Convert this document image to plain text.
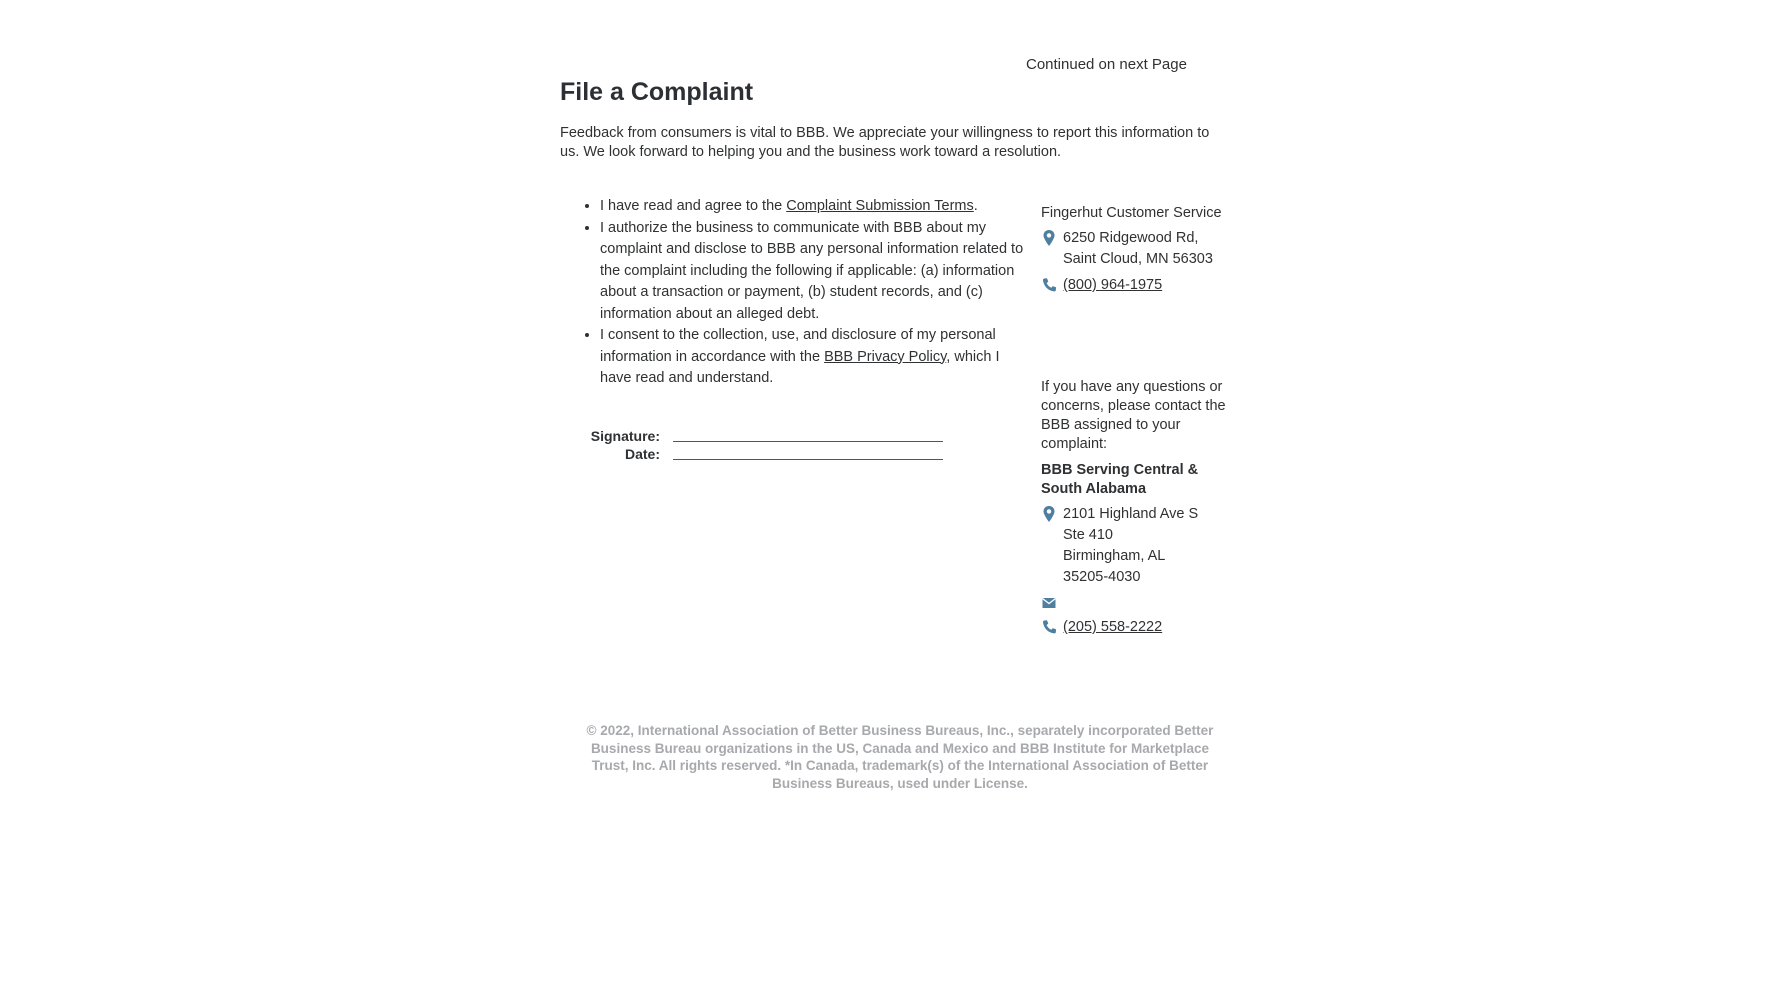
Continued on next Page
File a Complaint

Feedback from consumers is vital to BBB. We appreciate your willingness to report this information to us. We look forward to helping you and the business work toward a resolution.

• I have read and agree to the Complaint Submission Terms.
• I authorize the business to communicate with BBB about my complaint and disclose to BBB any personal information related to the complaint including the following if applicable: (a) information about a transaction or payment, (b) student records, and (c) information about an alleged debt.
• I consent to the collection, use, and disclosure of my personal information in accordance with the BBB Privacy Policy, which I have read and understand.
Signature:
Date:
Fingerhut Customer Service
6250 Ridgewood Rd,
Saint Cloud, MN 56303
(800) 964-1975
If you have any questions or concerns, please contact the BBB assigned to your complaint:
BBB Serving Central & South Alabama
2101 Highland Ave S
Ste 410
Birmingham, AL
35205-4030
(205) 558-2222
© 2022, International Association of Better Business Bureaus, Inc., separately incorporated Better Business Bureau organizations in the US, Canada and Mexico and BBB Institute for Marketplace Trust, Inc. All rights reserved. *In Canada, trademark(s) of the International Association of Better Business Bureaus, used under License.
